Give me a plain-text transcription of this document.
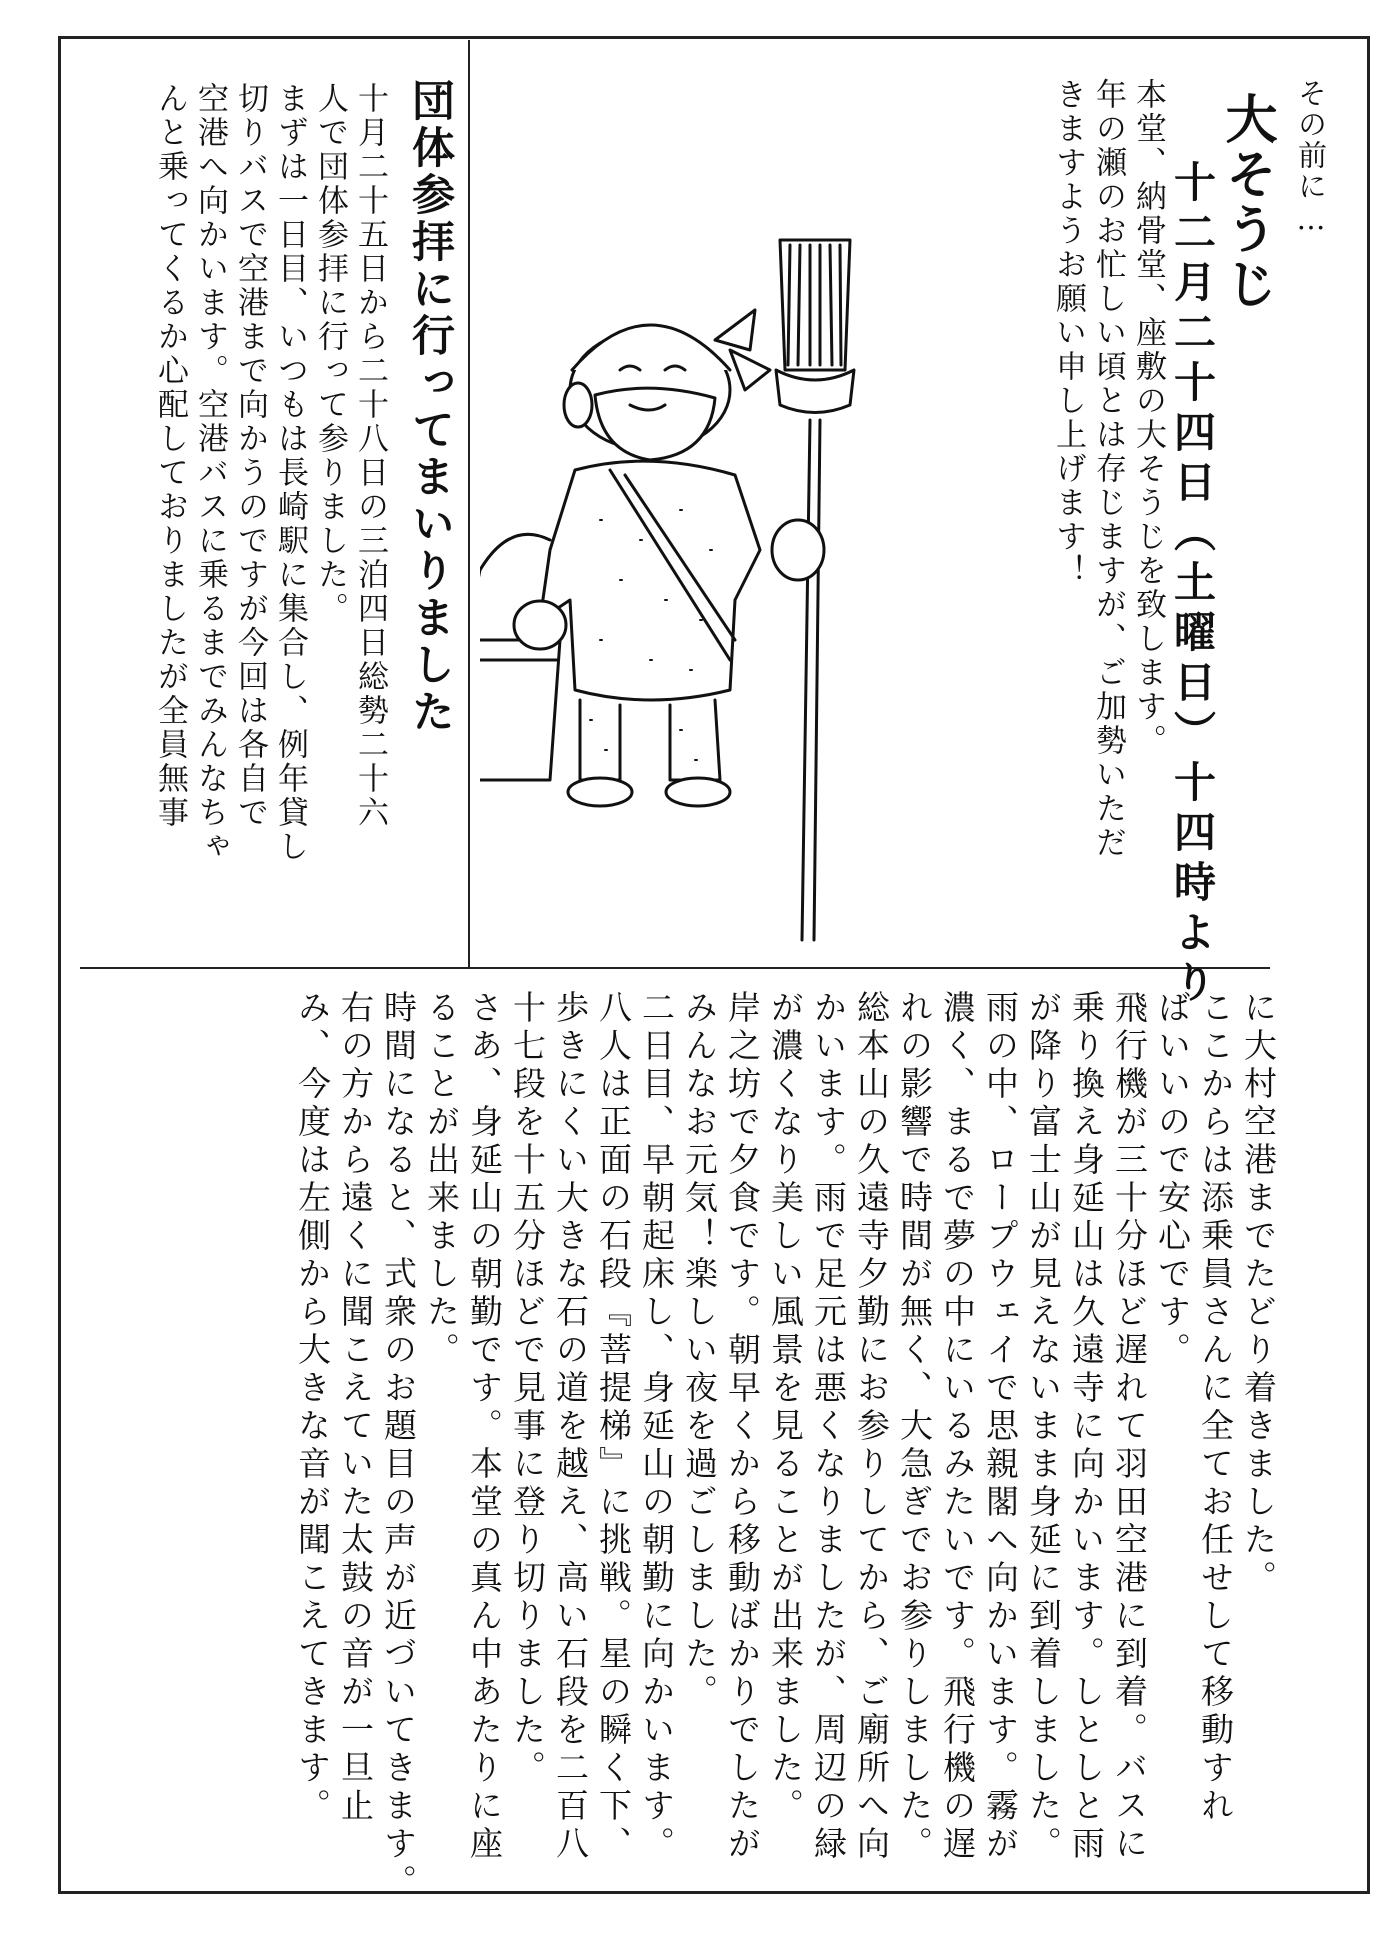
その前に…
大そうじ
十二月二十四日（土曜日）十四時より
本堂、納骨堂、座敷の大そうじを致します。
年の瀬のお忙しい頃とは存じますが、ご加勢いただ
きますようお願い申し上げます！
団体参拝に行ってまいりました
十月二十五日から二十八日の三泊四日総勢二十六
人で団体参拝に行って参りました。
まずは一日目、いつもは長崎駅に集合し、例年貸し
切りバスで空港まで向かうのですが今回は各自で
空港へ向かいます。空港バスに乗るまでみんなちゃ
んと乗ってくるか心配しておりましたが全員無事
に大村空港までたどり着きました。
ここからは添乗員さんに全てお任せして移動すれ
ばいいので安心です。
飛行機が三十分ほど遅れて羽田空港に到着。バスに
乗り換え身延山は久遠寺に向かいます。しとしと雨
が降り富士山が見えないまま身延に到着しました。
雨の中、ロープウェイで思親閣へ向かいます。霧が
濃く、まるで夢の中にいるみたいです。飛行機の遅
れの影響で時間が無く、大急ぎでお参りしました。
総本山の久遠寺夕勤にお参りしてから、ご廟所へ向
かいます。雨で足元は悪くなりましたが、周辺の緑
が濃くなり美しい風景を見ることが出来ました。
岸之坊で夕食です。朝早くから移動ばかりでしたが
みんなお元気！楽しい夜を過ごしました。
二日目、早朝起床し、身延山の朝勤に向かいます。
八人は正面の石段『菩提梯』に挑戦。星の瞬く下、
歩きにくい大きな石の道を越え、高い石段を二百八
十七段を十五分ほどで見事に登り切りました。
さあ、身延山の朝勤です。本堂の真ん中あたりに座
ることが出来ました。
時間になると、式衆のお題目の声が近づいてきます。
右の方から遠くに聞こえていた太鼓の音が一旦止
み、今度は左側から大きな音が聞こえてきます。
